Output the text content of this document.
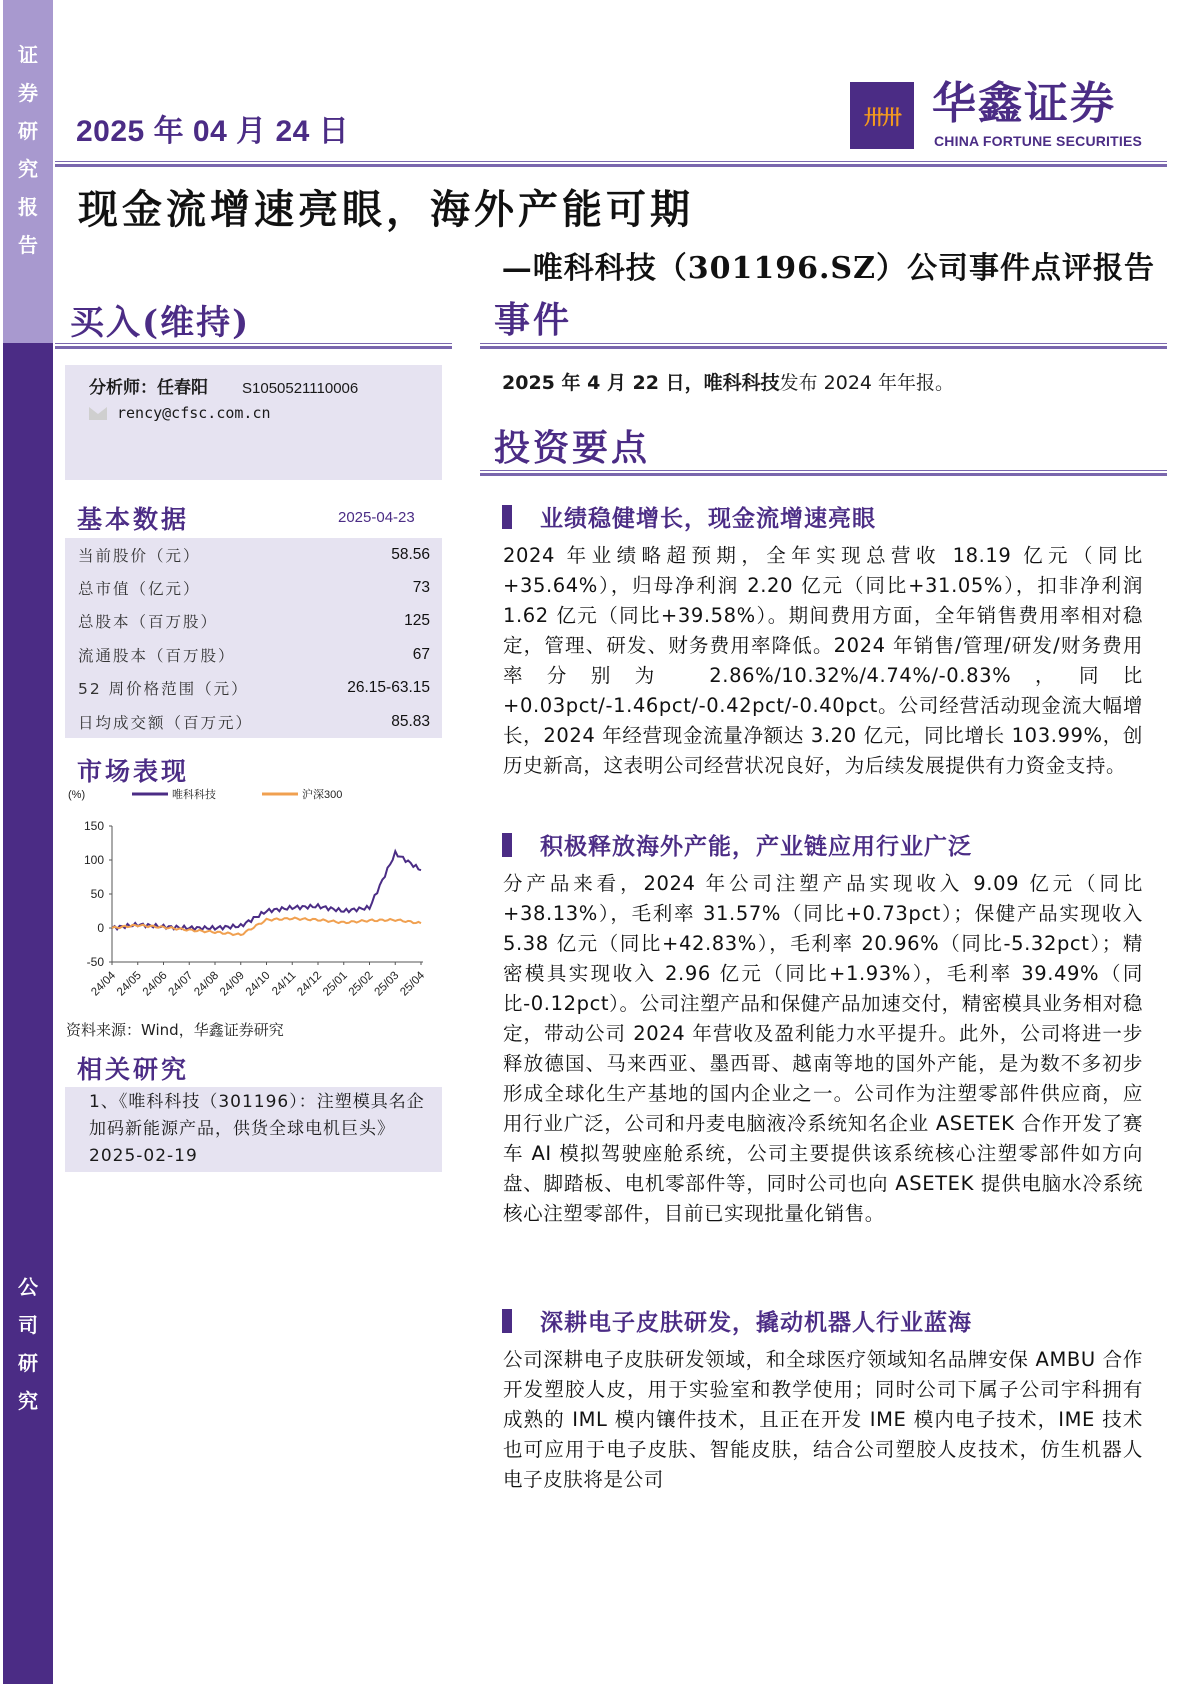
证
券
研
究
报
告
公
司
研
究
2025 年 04 月 24 日	卅卅 华鑫证券
CHINA FORTUNE SECURITIES
现金流增速亮眼，海外产能可期
—唯科科技（301196.SZ）公司事件点评报告
买入(维持)	事件
分析师：任春阳 S1050521110006
rency@cfsc.com.cn
基本数据	2025-04-23
当前股价（元）	58.56
总市值（亿元）	73
总股本（百万股）	125
流通股本（百万股）	67
52 周价格范围（元）	26.15-63.15
日均成交额（百万元）	85.83
市场表现
(%)	唯科科技	沪深300
150
100
50
0
-50
24/04
24/05
24/06
24/07
24/08
24/09
24/10
24/11
24/12
25/01
25/02
25/03
25/04
资料来源：Wind，华鑫证券研究
相关研究
1、《唯科科技（301196）：注塑模具名企加码新能源产品，供货全球电机巨头》2025-02-19
2025 年 4 月 22 日，唯科科技发布 2024 年年报。
投资要点
业绩稳健增长，现金流增速亮眼
2024 年业绩略超预期，全年实现总营收 18.19 亿元（同比+35.64%），归母净利润 2.20 亿元（同比+31.05%），扣非净利润 1.62 亿元（同比+39.58%）。期间费用方面，全年销售费用率相对稳定，管理、研发、财务费用率降低。2024 年销售/管理/研发/财务费用率分别为 2.86%/10.32%/4.74%/-0.83%，同比+0.03pct/-1.46pct/-0.42pct/-0.40pct。公司经营活动现金流大幅增长，2024 年经营现金流量净额达 3.20 亿元，同比增长 103.99%，创历史新高，这表明公司经营状况良好，为后续发展提供有力资金支持。
积极释放海外产能，产业链应用行业广泛
分产品来看，2024 年公司注塑产品实现收入 9.09 亿元（同比+38.13%），毛利率 31.57%（同比+0.73pct）；保健产品实现收入 5.38 亿元（同比+42.83%），毛利率 20.96%（同比-5.32pct）；精密模具实现收入 2.96 亿元（同比+1.93%），毛利率 39.49%（同比-0.12pct）。公司注塑产品和保健产品加速交付，精密模具业务相对稳定，带动公司 2024 年营收及盈利能力水平提升。此外，公司将进一步释放德国、马来西亚、墨西哥、越南等地的国外产能，是为数不多初步形成全球化生产基地的国内企业之一。公司作为注塑零部件供应商，应用行业广泛，公司和丹麦电脑液冷系统知名企业 ASETEK 合作开发了赛车 AI 模拟驾驶座舱系统，公司主要提供该系统核心注塑零部件如方向盘、脚踏板、电机零部件等，同时公司也向 ASETEK 提供电脑水冷系统核心注塑零部件，目前已实现批量化销售。
深耕电子皮肤研发，撬动机器人行业蓝海
公司深耕电子皮肤研发领域，和全球医疗领域知名品牌安保 AMBU 合作开发塑胶人皮，用于实验室和教学使用；同时公司下属子公司宇科拥有成熟的 IML 模内镶件技术，且正在开发 IME 模内电子技术，IME 技术也可应用于电子皮肤、智能皮肤，结合公司塑胶人皮技术，仿生机器人电子皮肤将是公司
